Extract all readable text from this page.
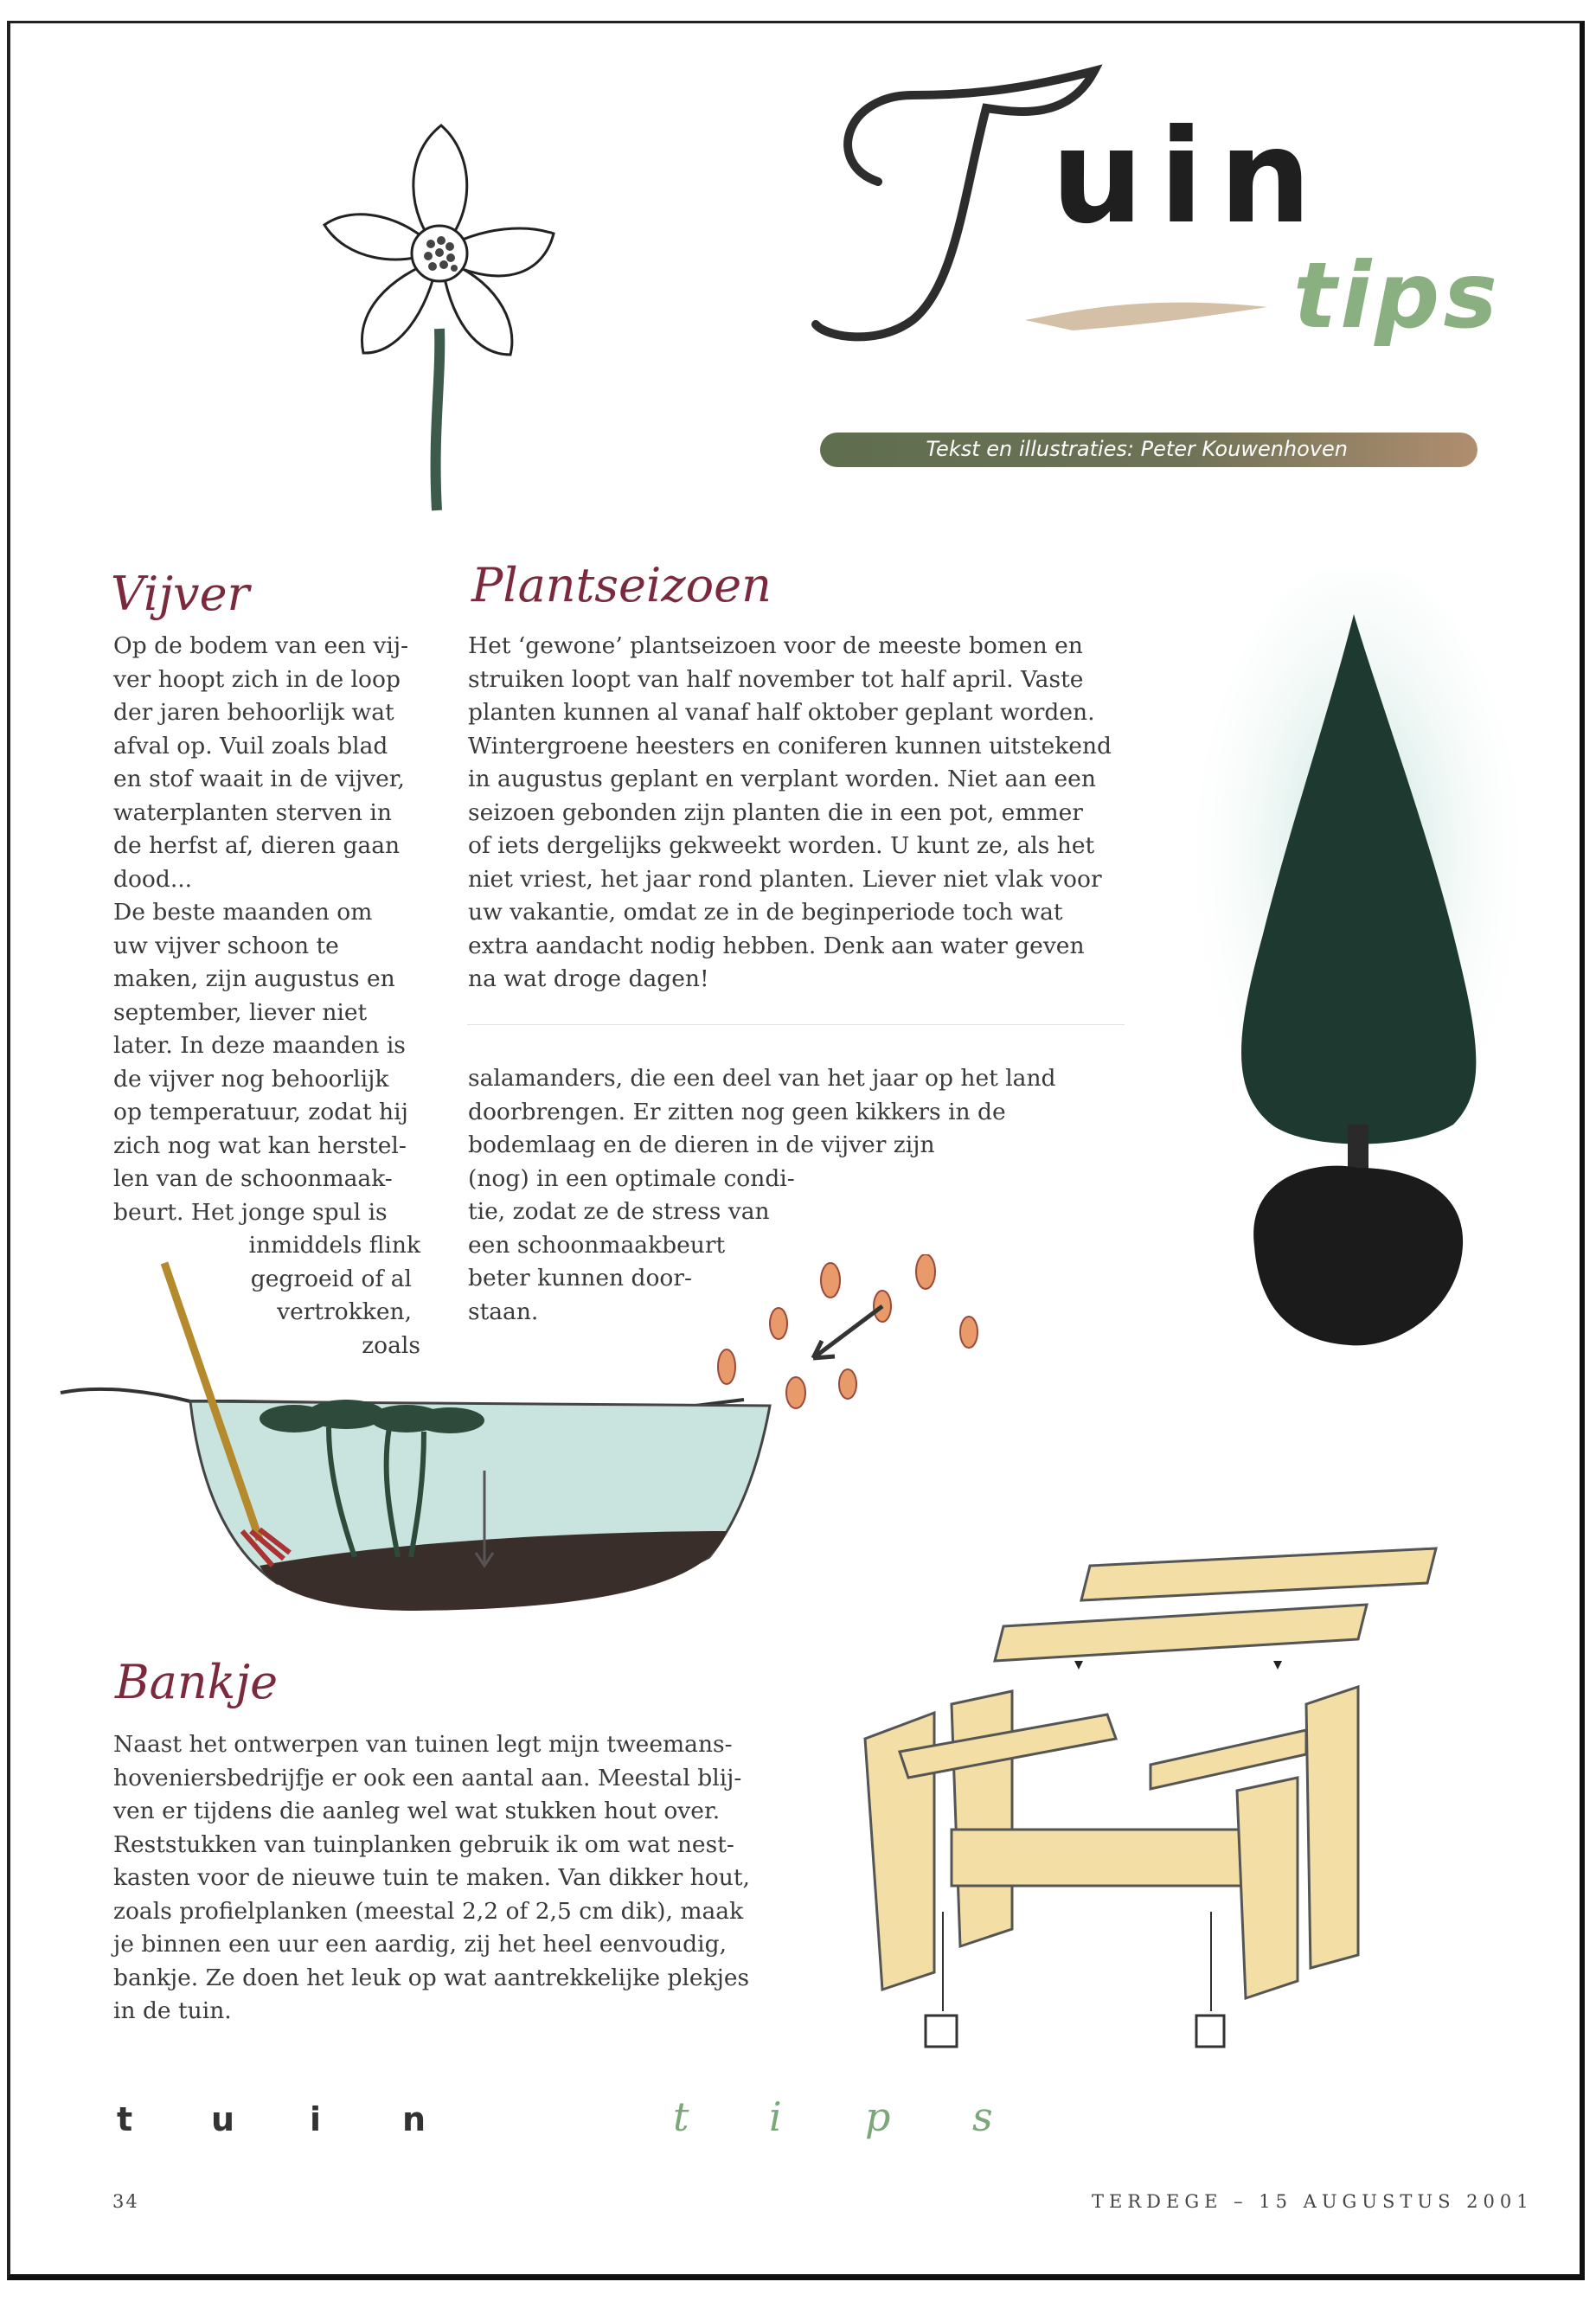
uin
tips
Tekst en illustraties: Peter Kouwenhoven
Vijver
Op de bodem van een vij-
ver hoopt zich in de loop
der jaren behoorlijk wat
afval op. Vuil zoals blad
en stof waait in de vijver,
waterplanten sterven in
de herfst af, dieren gaan
dood...
De beste maanden om
uw vijver schoon te
maken, zijn augustus en
september, liever niet
later. In deze maanden is
de vijver nog behoorlijk
op temperatuur, zodat hij
zich nog wat kan herstel-
len van de schoonmaak-
beurt. Het jonge spul is
inmiddels flink
gegroeid of al
vertrokken,
zoals
Plantseizoen
Het ‘gewone’ plantseizoen voor de meeste bomen en
struiken loopt van half november tot half april. Vaste
planten kunnen al vanaf half oktober geplant worden.
Wintergroene heesters en coniferen kunnen uitstekend
in augustus geplant en verplant worden. Niet aan een
seizoen gebonden zijn planten die in een pot, emmer
of iets dergelijks gekweekt worden. U kunt ze, als het
niet vriest, het jaar rond planten. Liever niet vlak voor
uw vakantie, omdat ze in de beginperiode toch wat
extra aandacht nodig hebben. Denk aan water geven
na wat droge dagen!
salamanders, die een deel van het jaar op het land
doorbrengen. Er zitten nog geen kikkers in de
bodemlaag en de dieren in de vijver zijn
(nog) in een optimale condi-
tie, zodat ze de stress van
een schoonmaakbeurt
beter kunnen door-
staan.
Bankje
Naast het ontwerpen van tuinen legt mijn tweemans-
hoveniersbedrijfje er ook een aantal aan. Meestal blij-
ven er tijdens die aanleg wel wat stukken hout over.
Reststukken van tuinplanken gebruik ik om wat nest-
kasten voor de nieuwe tuin te maken. Van dikker hout,
zoals profielplanken (meestal 2,2 of 2,5 cm dik), maak
je binnen een uur een aardig, zij het heel eenvoudig,
bankje. Ze doen het leuk op wat aantrekkelijke plekjes
in de tuin.
t u i n	t i p s
34	TERDEGE – 15 AUGUSTUS 2001
